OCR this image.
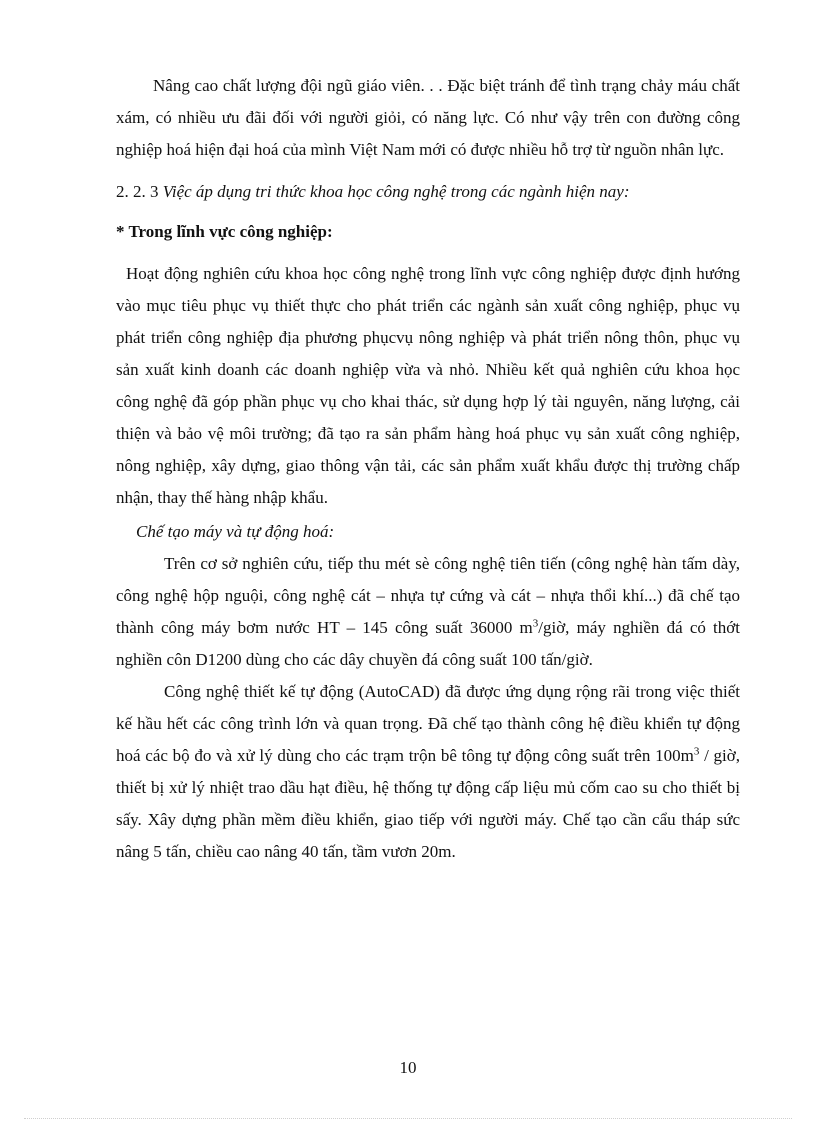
Nâng cao chất lượng đội ngũ giáo viên. . . Đặc biệt tránh để tình trạng chảy máu chất xám, có nhiều ưu đãi đối với người giỏi, có năng lực. Có như vậy trên con đường công nghiệp hoá hiện đại hoá của mình Việt Nam mới có được nhiều hỗ trợ từ nguồn nhân lực.

2. 2. 3 Việc áp dụng tri thức khoa học công nghệ trong các ngành hiện nay:

* Trong lĩnh vực công nghiệp:

Hoạt động nghiên cứu khoa học công nghệ trong lĩnh vực công nghiệp được định hướng vào mục tiêu phục vụ thiết thực cho phát triển các ngành sản xuất công nghiệp, phục vụ phát triển công nghiệp địa phương phụcvụ nông nghiệp và phát triển nông thôn, phục vụ sản xuất kinh doanh các doanh nghiệp vừa và nhỏ. Nhiều kết quả nghiên cứu khoa học công nghệ đã góp phần phục vụ cho khai thác, sử dụng hợp lý tài nguyên, năng lượng, cải thiện và bảo vệ môi trường; đã tạo ra sản phẩm hàng hoá phục vụ sản xuất công nghiệp, nông nghiệp, xây dựng, giao thông vận tải, các sản phẩm xuất khẩu được thị trường chấp nhận, thay thế hàng nhập khẩu.

Chế tạo máy và tự động hoá:

Trên cơ sở nghiên cứu, tiếp thu mét sè công nghệ tiên tiến (công nghệ hàn tấm dày, công nghệ hộp nguội, công nghệ cát – nhựa tự cứng và cát – nhựa thổi khí...) đã chế tạo thành công máy bơm nước HT – 145 công suất 36000 $m^3$/giờ, máy nghiền đá có thớt nghiền côn D1200 dùng cho các dây chuyền đá công suất 100 tấn/giờ.

Công nghệ thiết kế tự động (AutoCAD) đã được ứng dụng rộng rãi trong việc thiết kế hầu hết các công trình lớn và quan trọng. Đã chế tạo thành công hệ điều khiển tự động hoá các bộ đo và xử lý dùng cho các trạm trộn bê tông tự động công suất trên $100m^3$ / giờ, thiết bị xử lý nhiệt trao dầu hạt điều, hệ thống tự động cấp liệu mủ cốm cao su cho thiết bị sấy. Xây dựng phần mềm điều khiển, giao tiếp với người máy. Chế tạo cần cẩu tháp sức nâng 5 tấn, chiều cao nâng 40 tấn, tầm vươn 20m.

10
